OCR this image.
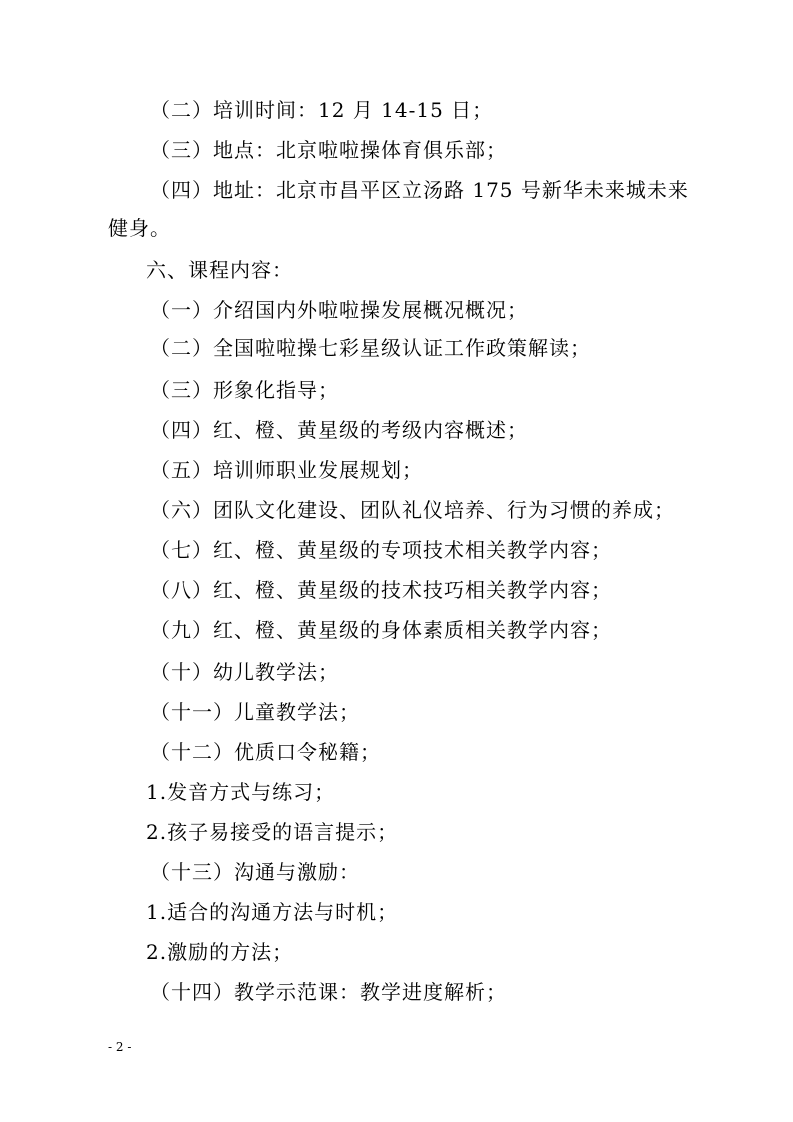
（二）培训时间：12 月 14-15 日；
（三）地点：北京啦啦操体育俱乐部；
（四）地址：北京市昌平区立汤路 175 号新华未来城未来
健身。
六、课程内容：
（一）介绍国内外啦啦操发展概况概况；
（二）全国啦啦操七彩星级认证工作政策解读；
（三）形象化指导；
（四）红、橙、黄星级的考级内容概述；
（五）培训师职业发展规划；
（六）团队文化建设、团队礼仪培养、行为习惯的养成；
（七）红、橙、黄星级的专项技术相关教学内容；
（八）红、橙、黄星级的技术技巧相关教学内容；
（九）红、橙、黄星级的身体素质相关教学内容；
（十）幼儿教学法；
（十一）儿童教学法；
（十二）优质口令秘籍；
1.发音方式与练习；
2.孩子易接受的语言提示；
（十三）沟通与激励：
1.适合的沟通方法与时机；
2.激励的方法；
（十四）教学示范课：教学进度解析；
- 2 -
